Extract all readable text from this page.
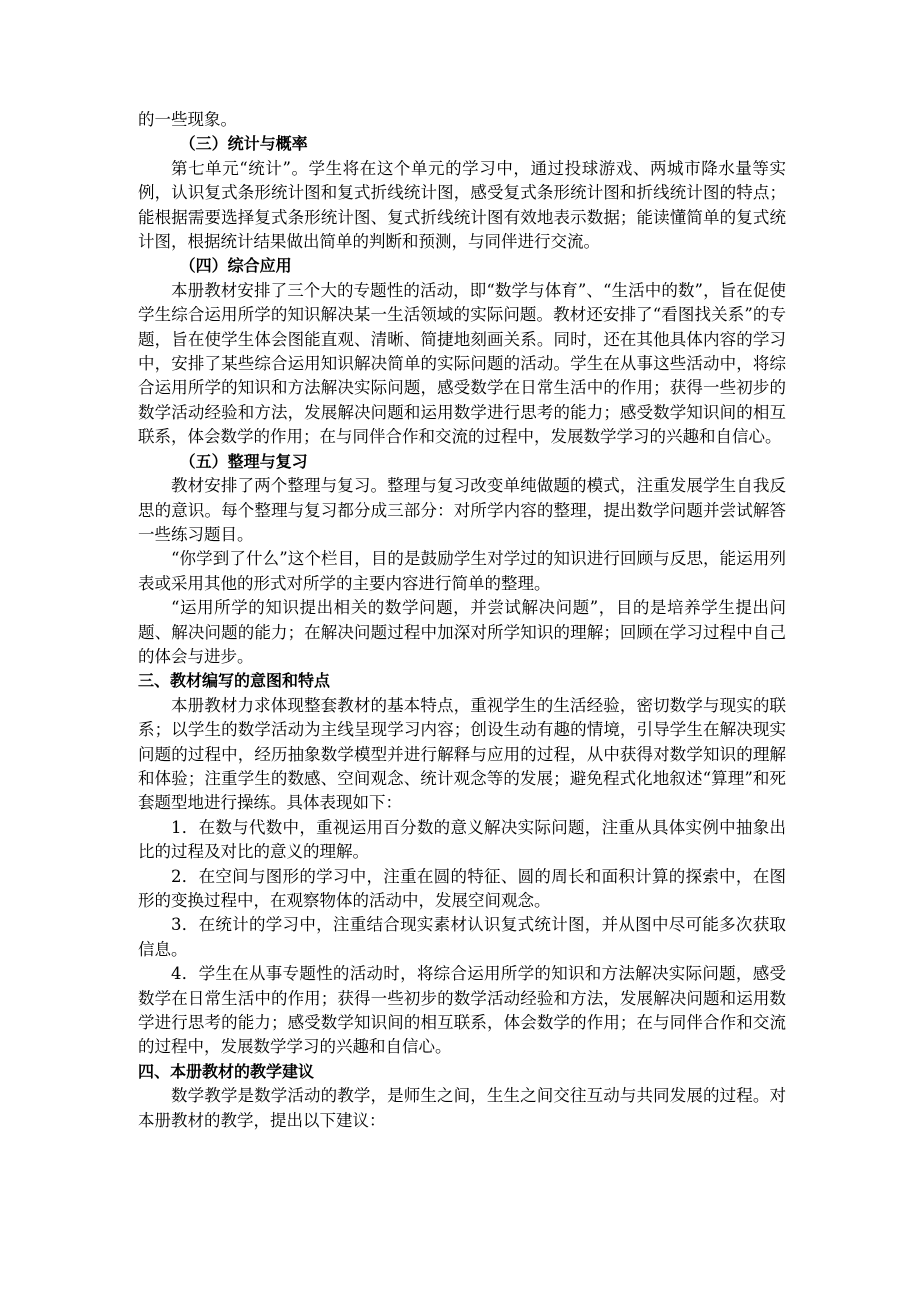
的一些现象。

（三）统计与概率

第七单元“统计”。学生将在这个单元的学习中，通过投球游戏、两城市降水量等实例，认识复式条形统计图和复式折线统计图，感受复式条形统计图和折线统计图的特点；能根据需要选择复式条形统计图、复式折线统计图有效地表示数据；能读懂简单的复式统计图，根据统计结果做出简单的判断和预测，与同伴进行交流。

（四）综合应用

本册教材安排了三个大的专题性的活动，即“数学与体育”、“生活中的数”，旨在促使学生综合运用所学的知识解决某一生活领域的实际问题。教材还安排了“看图找关系”的专题，旨在使学生体会图能直观、清晰、简捷地刻画关系。同时，还在其他具体内容的学习中，安排了某些综合运用知识解决简单的实际问题的活动。学生在从事这些活动中，将综合运用所学的知识和方法解决实际问题，感受数学在日常生活中的作用；获得一些初步的数学活动经验和方法，发展解决问题和运用数学进行思考的能力；感受数学知识间的相互联系，体会数学的作用；在与同伴合作和交流的过程中，发展数学学习的兴趣和自信心。

（五）整理与复习

教材安排了两个整理与复习。整理与复习改变单纯做题的模式，注重发展学生自我反思的意识。每个整理与复习都分成三部分：对所学内容的整理，提出数学问题并尝试解答一些练习题目。

“你学到了什么”这个栏目，目的是鼓励学生对学过的知识进行回顾与反思，能运用列表或采用其他的形式对所学的主要内容进行简单的整理。

“运用所学的知识提出相关的数学问题，并尝试解决问题”，目的是培养学生提出问题、解决问题的能力；在解决问题过程中加深对所学知识的理解；回顾在学习过程中自己的体会与进步。

三、教材编写的意图和特点

本册教材力求体现整套教材的基本特点，重视学生的生活经验，密切数学与现实的联系；以学生的数学活动为主线呈现学习内容；创设生动有趣的情境，引导学生在解决现实问题的过程中，经历抽象数学模型并进行解释与应用的过程，从中获得对数学知识的理解和体验；注重学生的数感、空间观念、统计观念等的发展；避免程式化地叙述“算理”和死套题型地进行操练。具体表现如下：

1．在数与代数中，重视运用百分数的意义解决实际问题，注重从具体实例中抽象出比的过程及对比的意义的理解。

2．在空间与图形的学习中，注重在圆的特征、圆的周长和面积计算的探索中，在图形的变换过程中，在观察物体的活动中，发展空间观念。

3．在统计的学习中，注重结合现实素材认识复式统计图，并从图中尽可能多次获取信息。

4．学生在从事专题性的活动时，将综合运用所学的知识和方法解决实际问题，感受数学在日常生活中的作用；获得一些初步的数学活动经验和方法，发展解决问题和运用数学进行思考的能力；感受数学知识间的相互联系，体会数学的作用；在与同伴合作和交流的过程中，发展数学学习的兴趣和自信心。

四、本册教材的教学建议

数学教学是数学活动的教学，是师生之间，生生之间交往互动与共同发展的过程。对本册教材的教学，提出以下建议：
